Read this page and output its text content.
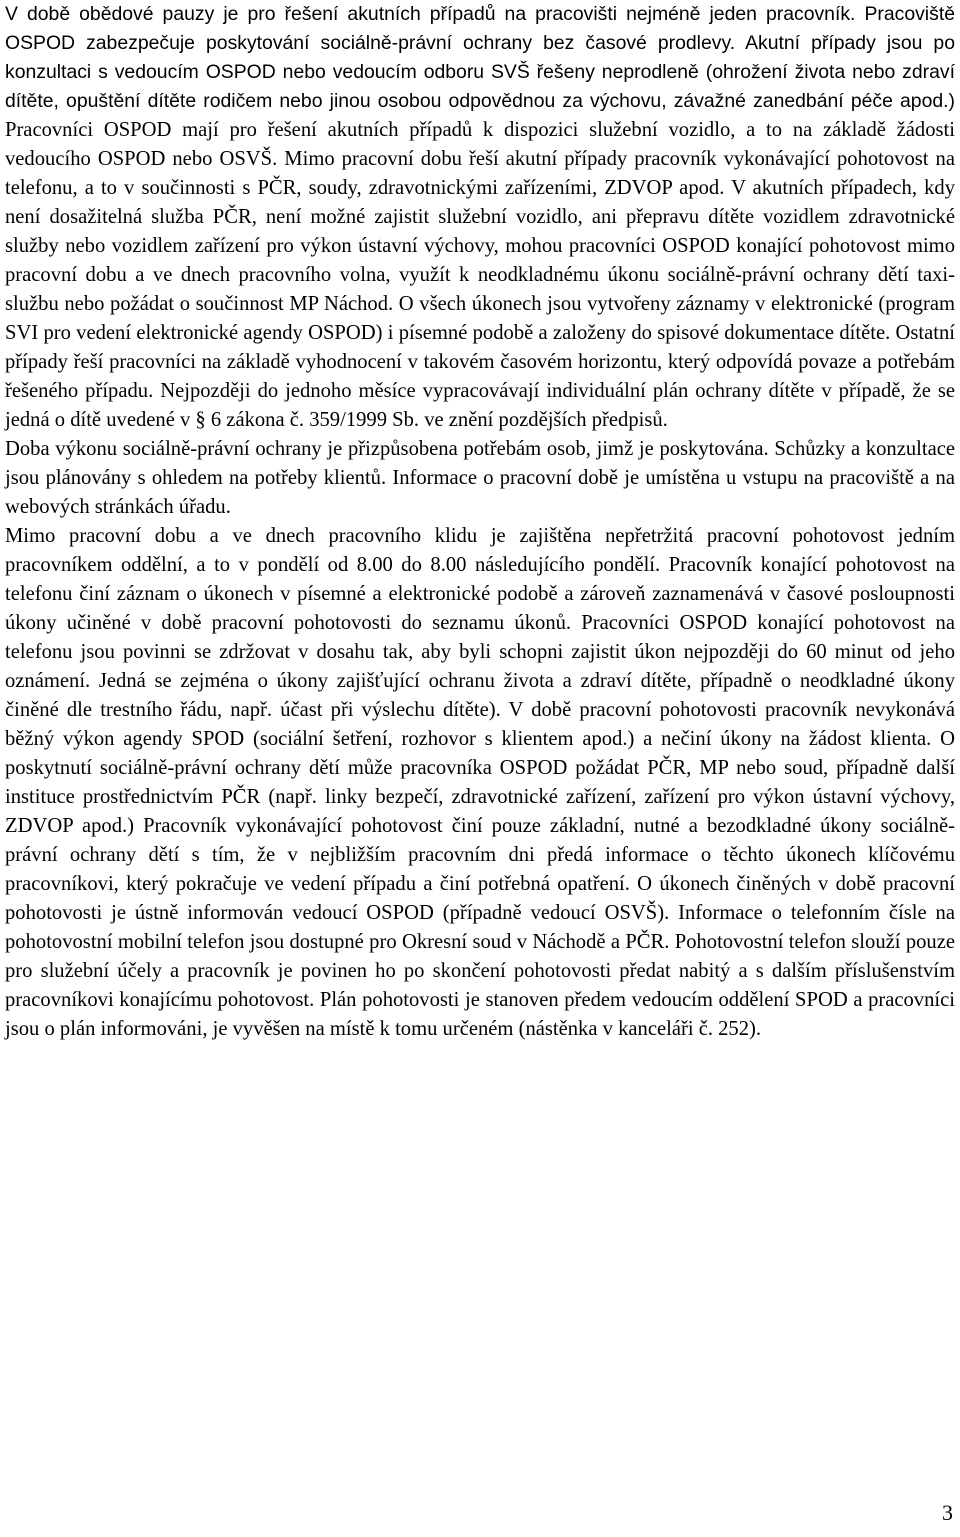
V době obědové pauzy je pro řešení akutních případů na pracovišti nejméně jeden pracovník. Pracoviště OSPOD zabezpečuje poskytování sociálně-právní ochrany bez časové prodlevy. Akutní případy jsou po konzultaci s vedoucím OSPOD nebo vedoucím odboru SVŠ řešeny neprodleně (ohrožení života nebo zdraví dítěte, opuštění dítěte rodičem nebo jinou osobou odpovědnou za výchovu, závažné zanedbání péče apod.) Pracovníci OSPOD mají pro řešení akutních případů k dispozici služební vozidlo, a to na základě žádosti vedoucího OSPOD nebo OSVŠ. Mimo pracovní dobu řeší akutní případy pracovník vykonávající pohotovost na telefonu, a to v součinnosti s PČR, soudy, zdravotnickými zařízeními, ZDVOP apod. V akutních případech, kdy není dosažitelná služba PČR, není možné zajistit služební vozidlo, ani přepravu dítěte vozidlem zdravotnické služby nebo vozidlem zařízení pro výkon ústavní výchovy, mohou pracovníci OSPOD konající pohotovost mimo pracovní dobu a ve dnech pracovního volna, využít k neodkladnému úkonu sociálně-právní ochrany dětí taxi-službu nebo požádat o součinnost MP Náchod. O všech úkonech jsou vytvořeny záznamy v elektronické (program SVI pro vedení elektronické agendy OSPOD) i písemné podobě a založeny do spisové dokumentace dítěte. Ostatní případy řeší pracovníci na základě vyhodnocení v takovém časovém horizontu, který odpovídá povaze a potřebám řešeného případu. Nejpozději do jednoho měsíce vypracovávají individuální plán ochrany dítěte v případě, že se jedná o dítě uvedené v § 6 zákona č. 359/1999 Sb. ve znění pozdějších předpisů.

Doba výkonu sociálně-právní ochrany je přizpůsobena potřebám osob, jimž je poskytována. Schůzky a konzultace jsou plánovány s ohledem na potřeby klientů. Informace o pracovní době je umístěna u vstupu na pracoviště a na webových stránkách úřadu.

Mimo pracovní dobu a ve dnech pracovního klidu je zajištěna nepřetržitá pracovní pohotovost jedním pracovníkem oddělní, a to v pondělí od 8.00 do 8.00 následujícího pondělí. Pracovník konající pohotovost na telefonu činí záznam o úkonech v písemné a elektronické podobě a zároveň zaznamenává v časové posloupnosti úkony učiněné v době pracovní pohotovosti do seznamu úkonů. Pracovníci OSPOD konající pohotovost na telefonu jsou povinni se zdržovat v dosahu tak, aby byli schopni zajistit úkon nejpozději do 60 minut od jeho oznámení. Jedná se zejména o úkony zajišťující ochranu života a zdraví dítěte, případně o neodkladné úkony činěné dle trestního řádu, např. účast při výslechu dítěte). V době pracovní pohotovosti pracovník nevykonává běžný výkon agendy SPOD (sociální šetření, rozhovor s klientem apod.) a nečiní úkony na žádost klienta. O poskytnutí sociálně-právní ochrany dětí může pracovníka OSPOD požádat PČR, MP nebo soud, případně další instituce prostřednictvím PČR (např. linky bezpečí, zdravotnické zařízení, zařízení pro výkon ústavní výchovy, ZDVOP apod.) Pracovník vykonávající pohotovost činí pouze základní, nutné a bezodkladné úkony sociálně-právní ochrany dětí s tím, že v nejbližším pracovním dni předá informace o těchto úkonech klíčovému pracovníkovi, který pokračuje ve vedení případu a činí potřebná opatření. O úkonech činěných v době pracovní pohotovosti je ústně informován vedoucí OSPOD (případně vedoucí OSVŠ). Informace o telefonním čísle na pohotovostní mobilní telefon jsou dostupné pro Okresní soud v Náchodě a PČR. Pohotovostní telefon slouží pouze pro služební účely a pracovník je povinen ho po skončení pohotovosti předat nabitý a s dalším příslušenstvím pracovníkovi konajícímu pohotovost. Plán pohotovosti je stanoven předem vedoucím oddělení SPOD a pracovníci jsou o plán informováni, je vyvěšen na místě k tomu určeném (nástěnka v kanceláři č. 252).

3
